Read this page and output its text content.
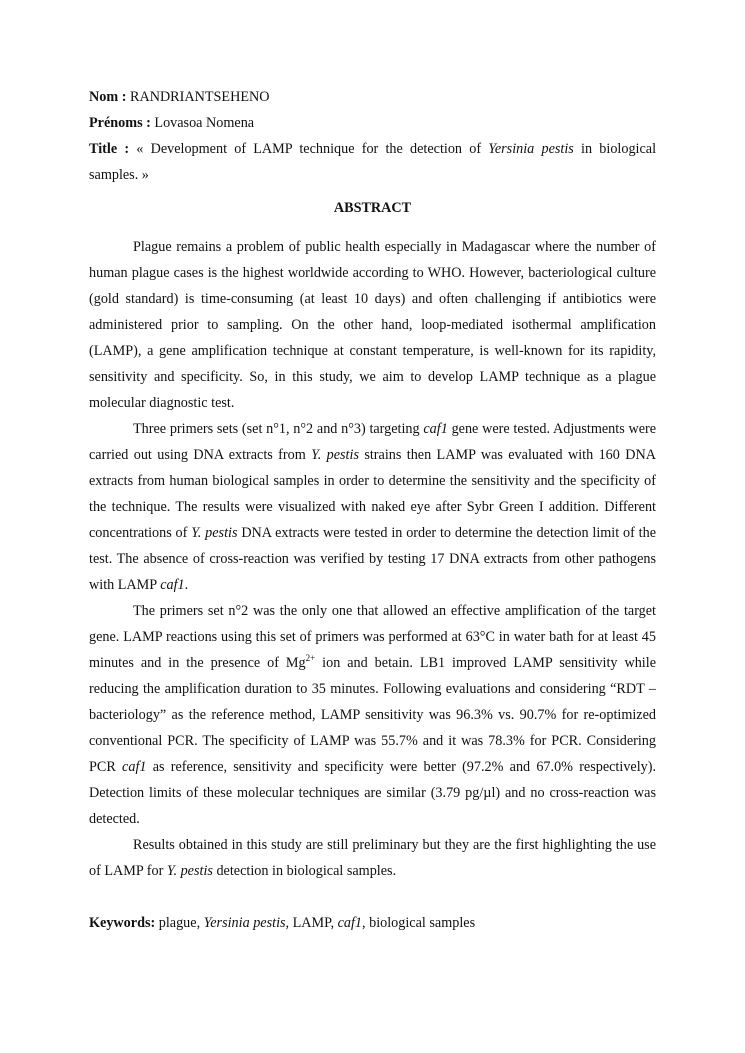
Nom : RANDRIANTSEHENO

Prénoms : Lovasoa Nomena

Title : « Development of LAMP technique for the detection of Yersinia pestis in biological samples. »

ABSTRACT

Plague remains a problem of public health especially in Madagascar where the number of human plague cases is the highest worldwide according to WHO. However, bacteriological culture (gold standard) is time-consuming (at least 10 days) and often challenging if antibiotics were administered prior to sampling. On the other hand, loop-mediated isothermal amplification (LAMP), a gene amplification technique at constant temperature, is well-known for its rapidity, sensitivity and specificity. So, in this study, we aim to develop LAMP technique as a plague molecular diagnostic test.

Three primers sets (set n°1, n°2 and n°3) targeting caf1 gene were tested. Adjustments were carried out using DNA extracts from Y. pestis strains then LAMP was evaluated with 160 DNA extracts from human biological samples in order to determine the sensitivity and the specificity of the technique. The results were visualized with naked eye after Sybr Green I addition. Different concentrations of Y. pestis DNA extracts were tested in order to determine the detection limit of the test. The absence of cross-reaction was verified by testing 17 DNA extracts from other pathogens with LAMP caf1.

The primers set n°2 was the only one that allowed an effective amplification of the target gene. LAMP reactions using this set of primers was performed at 63°C in water bath for at least 45 minutes and in the presence of $Mg^{2+}$ ion and betain. LB1 improved LAMP sensitivity while reducing the amplification duration to 35 minutes. Following evaluations and considering “RDT – bacteriology” as the reference method, LAMP sensitivity was 96.3% vs. 90.7% for re-optimized conventional PCR. The specificity of LAMP was 55.7% and it was 78.3% for PCR. Considering PCR caf1 as reference, sensitivity and specificity were better (97.2% and 67.0% respectively). Detection limits of these molecular techniques are similar (3.79 pg/µl) and no cross-reaction was detected.

Results obtained in this study are still preliminary but they are the first highlighting the use of LAMP for Y. pestis detection in biological samples.

Keywords: plague, Yersinia pestis, LAMP, caf1, biological samples
